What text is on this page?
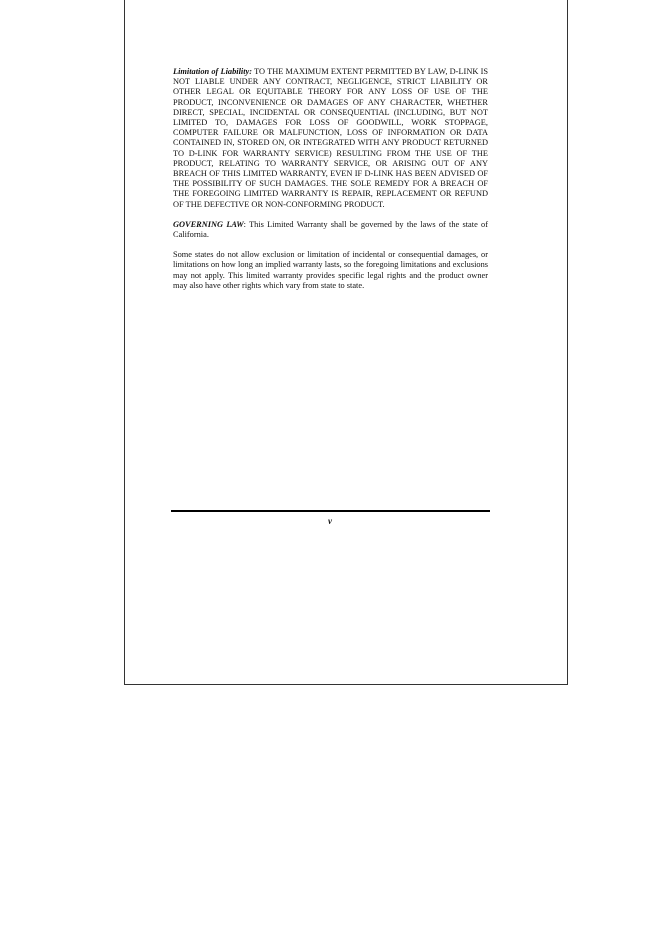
Limitation of Liability: TO THE MAXIMUM EXTENT PERMITTED BY LAW, D-LINK IS NOT LIABLE UNDER ANY CONTRACT, NEGLIGENCE, STRICT LIABILITY OR OTHER LEGAL OR EQUITABLE THEORY FOR ANY LOSS OF USE OF THE PRODUCT, INCONVENIENCE OR DAMAGES OF ANY CHARACTER, WHETHER DIRECT, SPECIAL, INCIDENTAL OR CONSEQUENTIAL (INCLUDING, BUT NOT LIMITED TO, DAMAGES FOR LOSS OF GOODWILL, WORK STOPPAGE, COMPUTER FAILURE OR MALFUNCTION, LOSS OF INFORMATION OR DATA CONTAINED IN, STORED ON, OR INTEGRATED WITH ANY PRODUCT RETURNED TO D-LINK FOR WARRANTY SERVICE) RESULTING FROM THE USE OF THE PRODUCT, RELATING TO WARRANTY SERVICE, OR ARISING OUT OF ANY BREACH OF THIS LIMITED WARRANTY, EVEN IF D-LINK HAS BEEN ADVISED OF THE POSSIBILITY OF SUCH DAMAGES. THE SOLE REMEDY FOR A BREACH OF THE FOREGOING LIMITED WARRANTY IS REPAIR, REPLACEMENT OR REFUND OF THE DEFECTIVE OR NON-CONFORMING PRODUCT.

GOVERNING LAW: This Limited Warranty shall be governed by the laws of the state of California.

Some states do not allow exclusion or limitation of incidental or consequential damages, or limitations on how long an implied warranty lasts, so the foregoing limitations and exclusions may not apply. This limited warranty provides specific legal rights and the product owner may also have other rights which vary from state to state.

v
